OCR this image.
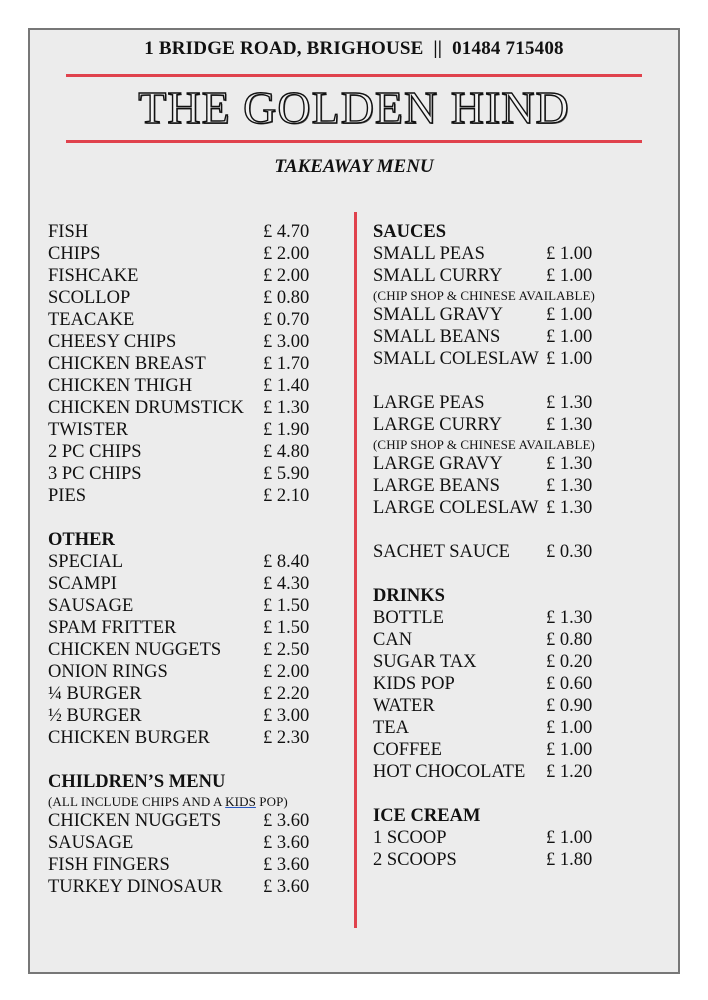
1 BRIDGE ROAD, BRIGHOUSE  ||  01484 715408
THE GOLDEN HIND
TAKEAWAY MENU
FISH	£ 4.70
CHIPS	£ 2.00
FISHCAKE	£ 2.00
SCOLLOP	£ 0.80
TEACAKE	£ 0.70
CHEESY CHIPS	£ 3.00
CHICKEN BREAST	£ 1.70
CHICKEN THIGH	£ 1.40
CHICKEN DRUMSTICK £ 1.30
TWISTER	£ 1.90
2 PC CHIPS	£ 4.80
3 PC CHIPS	£ 5.90
PIES	£ 2.10
OTHER
SPECIAL	£ 8.40
SCAMPI	£ 4.30
SAUSAGE	£ 1.50
SPAM FRITTER	£ 1.50
CHICKEN NUGGETS £ 2.50
ONION RINGS	£ 2.00
¼ BURGER	£ 2.20
½ BURGER	£ 3.00
CHICKEN BURGER	£ 2.30
CHILDREN’S MENU
(ALL INCLUDE CHIPS AND A KIDS POP)
CHICKEN NUGGETS £ 3.60
SAUSAGE	£ 3.60
FISH FINGERS	£ 3.60
TURKEY DINOSAUR £ 3.60
SAUCES
SMALL PEAS	£ 1.00
SMALL CURRY £ 1.00
(CHIP SHOP & CHINESE AVAILABLE)
SMALL GRAVY £ 1.00
SMALL BEANS £ 1.00
SMALL COLESLAW £ 1.00
LARGE PEAS	£ 1.30
LARGE CURRY £ 1.30
(CHIP SHOP & CHINESE AVAILABLE)
LARGE GRAVY £ 1.30
LARGE BEANS £ 1.30
LARGE COLESLAW £ 1.30
SACHET SAUCE £ 0.30
DRINKS
BOTTLE	£ 1.30
CAN	£ 0.80
SUGAR TAX	£ 0.20
KIDS POP	£ 0.60
WATER	£ 0.90
TEA	£ 1.00
COFFEE	£ 1.00
HOT CHOCOLATE £ 1.20
ICE CREAM
1 SCOOP	£ 1.00
2 SCOOPS	£ 1.80
